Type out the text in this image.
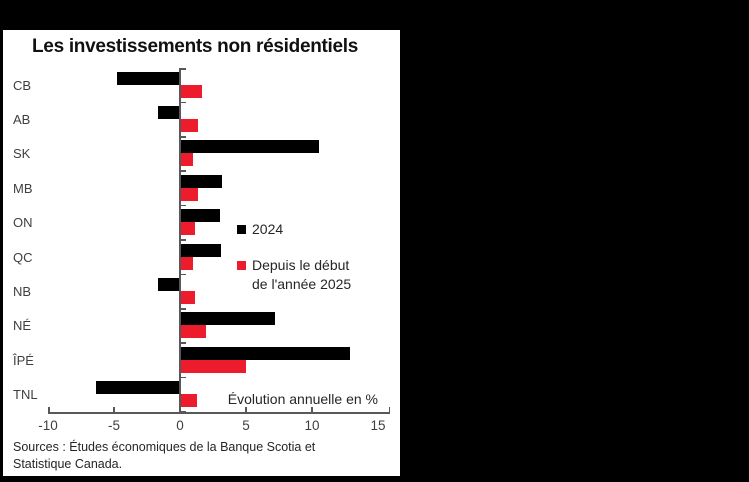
Les investissements non résidentiels
CB
AB
SK
MB
ON
QC
NB
NÉ
ÎPÉ
TNL
-10	-5	0	5	10	15
2024
Depuis le début
de l'année 2025
Évolution annuelle en %
Sources : Études économiques de la Banque Scotia et
Statistique Canada.
